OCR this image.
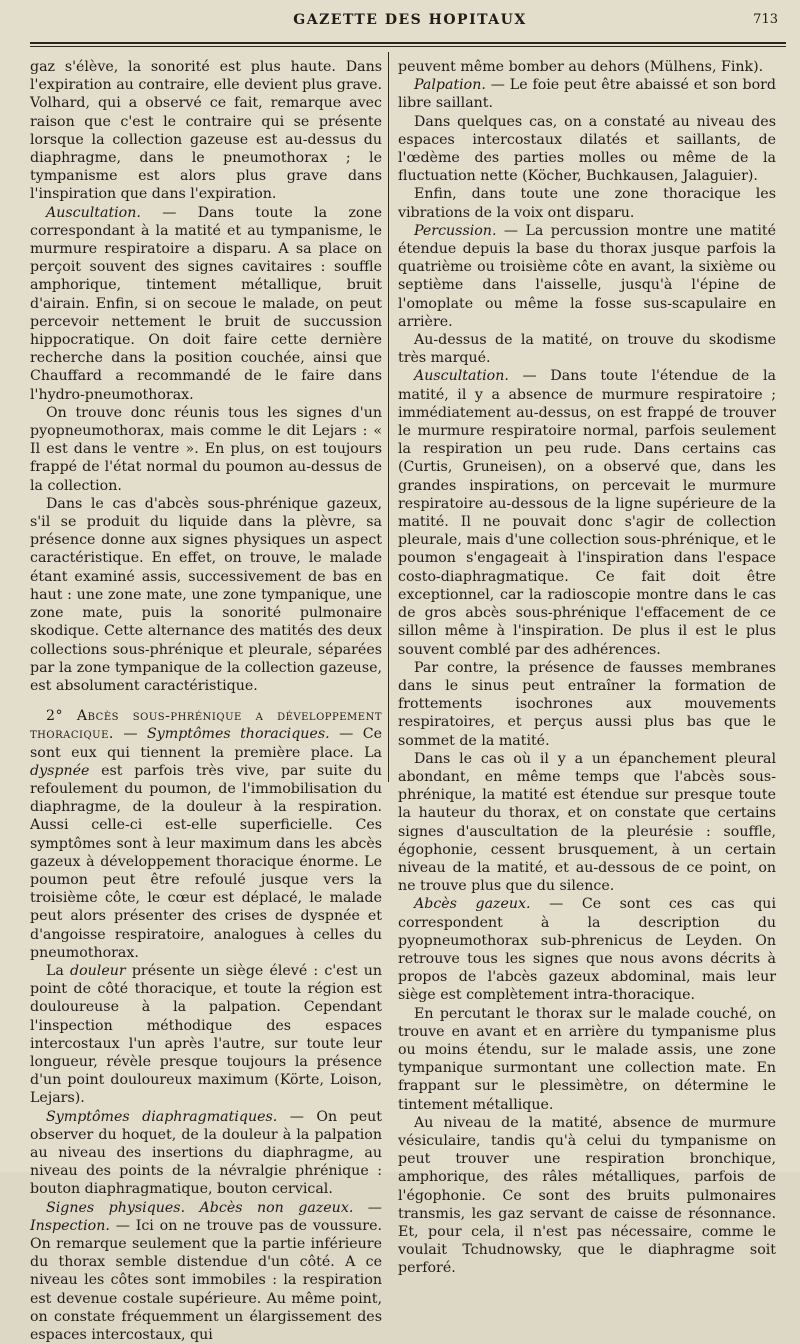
GAZETTE DES HOPITAUX	713

gaz s'élève, la sonorité est plus haute. Dans l'expiration au contraire, elle devient plus grave. Volhard, qui a observé ce fait, remarque avec raison que c'est le contraire qui se présente lorsque la collection gazeuse est au-dessus du diaphragme, dans le pneumothorax ; le tympanisme est alors plus grave dans l'inspiration que dans l'expiration.

Auscultation. — Dans toute la zone correspondant à la matité et au tympanisme, le murmure respiratoire a disparu. A sa place on perçoit souvent des signes cavitaires : souffle amphorique, tintement métallique, bruit d'airain. Enfin, si on secoue le malade, on peut percevoir nettement le bruit de succussion hippocratique. On doit faire cette dernière recherche dans la position couchée, ainsi que Chauffard a recommandé de le faire dans l'hydro-pneumothorax.

On trouve donc réunis tous les signes d'un pyopneumothorax, mais comme le dit Lejars : « Il est dans le ventre ». En plus, on est toujours frappé de l'état normal du poumon au-dessus de la collection.

Dans le cas d'abcès sous-phrénique gazeux, s'il se produit du liquide dans la plèvre, sa présence donne aux signes physiques un aspect caractéristique. En effet, on trouve, le malade étant examiné assis, successivement de bas en haut : une zone mate, une zone tympanique, une zone mate, puis la sonorité pulmonaire skodique. Cette alternance des matités des deux collections sous-phrénique et pleurale, séparées par la zone tympanique de la collection gazeuse, est absolument caractéristique.

2° Abcès sous-phrénique a développement thoracique. — Symptômes thoraciques. — Ce sont eux qui tiennent la première place. La dyspnée est parfois très vive, par suite du refoulement du poumon, de l'immobilisation du diaphragme, de la douleur à la respiration. Aussi celle-ci est-elle superficielle. Ces symptômes sont à leur maximum dans les abcès gazeux à développement thoracique énorme. Le poumon peut être refoulé jusque vers la troisième côte, le cœur est déplacé, le malade peut alors présenter des crises de dyspnée et d'angoisse respiratoire, analogues à celles du pneumothorax.

La douleur présente un siège élevé : c'est un point de côté thoracique, et toute la région est douloureuse à la palpation. Cependant l'inspection méthodique des espaces intercostaux l'un après l'autre, sur toute leur longueur, révèle presque toujours la présence d'un point douloureux maximum (Körte, Loison, Lejars).

Symptômes diaphragmatiques. — On peut observer du hoquet, de la douleur à la palpation au niveau des insertions du diaphragme, au niveau des points de la névralgie phrénique : bouton diaphragmatique, bouton cervical.

Signes physiques. Abcès non gazeux. — Inspection. — Ici on ne trouve pas de voussure. On remarque seulement que la partie inférieure du thorax semble distendue d'un côté. A ce niveau les côtes sont immobiles : la respiration est devenue costale supérieure. Au même point, on constate fréquemment un élargissement des espaces intercostaux, qui

peuvent même bomber au dehors (Mülhens, Fink).

Palpation. — Le foie peut être abaissé et son bord libre saillant.

Dans quelques cas, on a constaté au niveau des espaces intercostaux dilatés et saillants, de l'œdème des parties molles ou même de la fluctuation nette (Köcher, Buchkausen, Jalaguier).

Enfin, dans toute une zone thoracique les vibrations de la voix ont disparu.

Percussion. — La percussion montre une matité étendue depuis la base du thorax jusque parfois la quatrième ou troisième côte en avant, la sixième ou septième dans l'aisselle, jusqu'à l'épine de l'omoplate ou même la fosse sus-scapulaire en arrière.

Au-dessus de la matité, on trouve du skodisme très marqué.

Auscultation. — Dans toute l'étendue de la matité, il y a absence de murmure respiratoire ; immédiatement au-dessus, on est frappé de trouver le murmure respiratoire normal, parfois seulement la respiration un peu rude. Dans certains cas (Curtis, Gruneisen), on a observé que, dans les grandes inspirations, on percevait le murmure respiratoire au-dessous de la ligne supérieure de la matité. Il ne pouvait donc s'agir de collection pleurale, mais d'une collection sous-phrénique, et le poumon s'engageait à l'inspiration dans l'espace costo-diaphragmatique. Ce fait doit être exceptionnel, car la radioscopie montre dans le cas de gros abcès sous-phrénique l'effacement de ce sillon même à l'inspiration. De plus il est le plus souvent comblé par des adhérences.

Par contre, la présence de fausses membranes dans le sinus peut entraîner la formation de frottements isochrones aux mouvements respiratoires, et perçus aussi plus bas que le sommet de la matité.

Dans le cas où il y a un épanchement pleural abondant, en même temps que l'abcès sous-phrénique, la matité est étendue sur presque toute la hauteur du thorax, et on constate que certains signes d'auscultation de la pleurésie : souffle, égophonie, cessent brusquement, à un certain niveau de la matité, et au-dessous de ce point, on ne trouve plus que du silence.

Abcès gazeux. — Ce sont ces cas qui correspondent à la description du pyopneumothorax sub-phrenicus de Leyden. On retrouve tous les signes que nous avons décrits à propos de l'abcès gazeux abdominal, mais leur siège est complètement intra-thoracique.

En percutant le thorax sur le malade couché, on trouve en avant et en arrière du tympanisme plus ou moins étendu, sur le malade assis, une zone tympanique surmontant une collection mate. En frappant sur le plessimètre, on détermine le tintement métallique.

Au niveau de la matité, absence de murmure vésiculaire, tandis qu'à celui du tympanisme on peut trouver une respiration bronchique, amphorique, des râles métalliques, parfois de l'égophonie. Ce sont des bruits pulmonaires transmis, les gaz servant de caisse de résonnance. Et, pour cela, il n'est pas nécessaire, comme le voulait Tchudnowsky, que le diaphragme soit perforé.
